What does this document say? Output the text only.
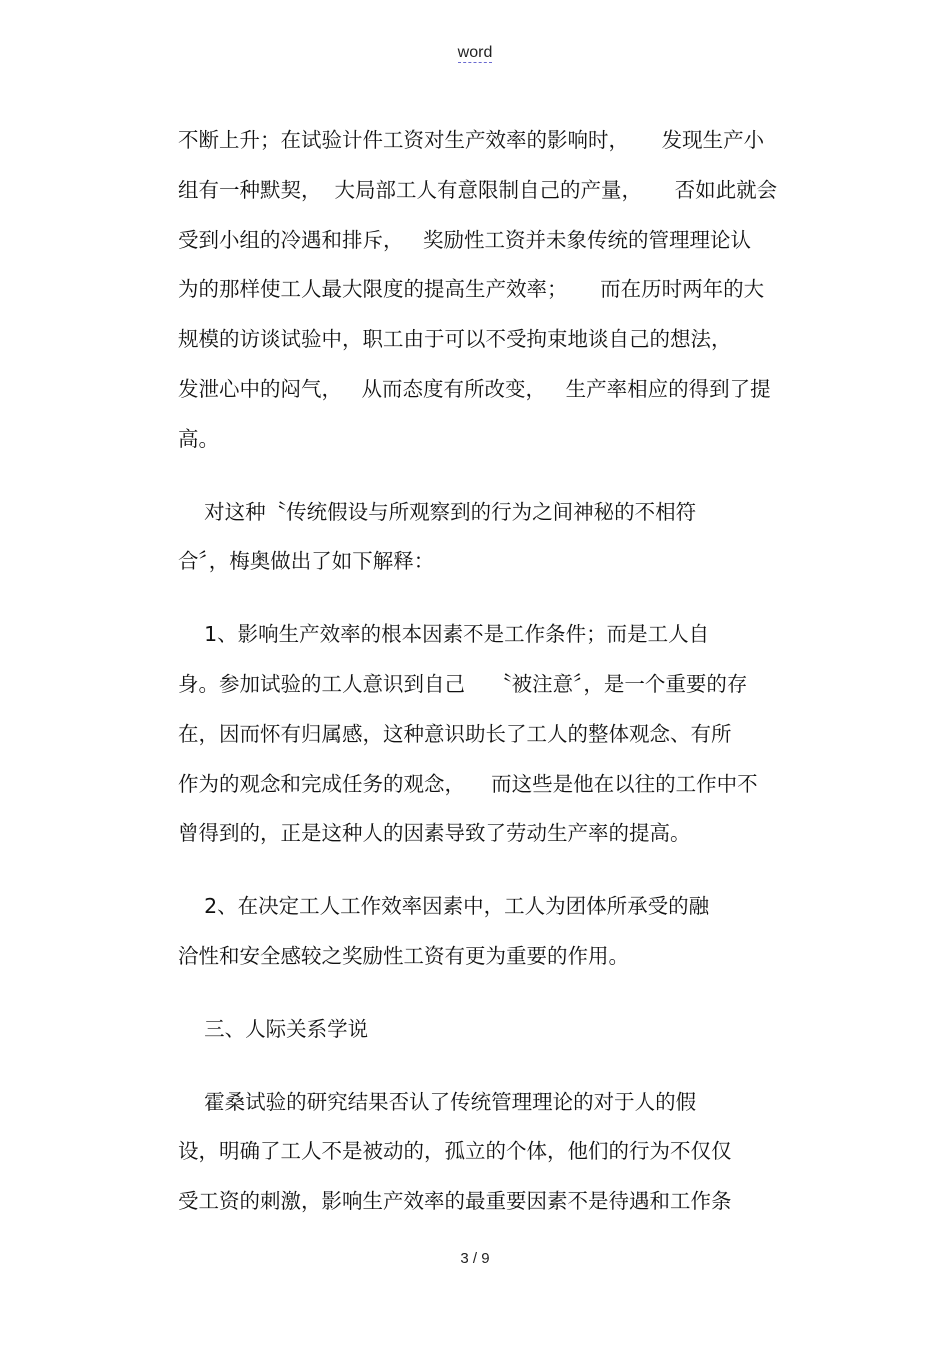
word
不断上升；在试验计件工资对生产效率的影响时，     发现生产小
组有一种默契，  大局部工人有意限制自己的产量，     否如此就会
受到小组的冷遇和排斥，   奖励性工资并未象传统的管理理论认
为的那样使工人最大限度的提高生产效率；     而在历时两年的大
规模的访谈试验中，职工由于可以不受拘束地谈自己的想法，
发泄心中的闷气，   从而态度有所改变，   生产率相应的得到了提
高。
对这种〝传统假设与所观察到的行为之间神秘的不相符
合〞，梅奥做出了如下解释：
1、影响生产效率的根本因素不是工作条件；而是工人自
身。参加试验的工人意识到自己    〝被注意〞，是一个重要的存
在，因而怀有归属感，这种意识助长了工人的整体观念、有所
作为的观念和完成任务的观念，    而这些是他在以往的工作中不
曾得到的，正是这种人的因素导致了劳动生产率的提高。
2、在决定工人工作效率因素中，工人为团体所承受的融
洽性和安全感较之奖励性工资有更为重要的作用。
三、人际关系学说
霍桑试验的研究结果否认了传统管理理论的对于人的假
设，明确了工人不是被动的，孤立的个体，他们的行为不仅仅
受工资的刺激，影响生产效率的最重要因素不是待遇和工作条
3 / 9
